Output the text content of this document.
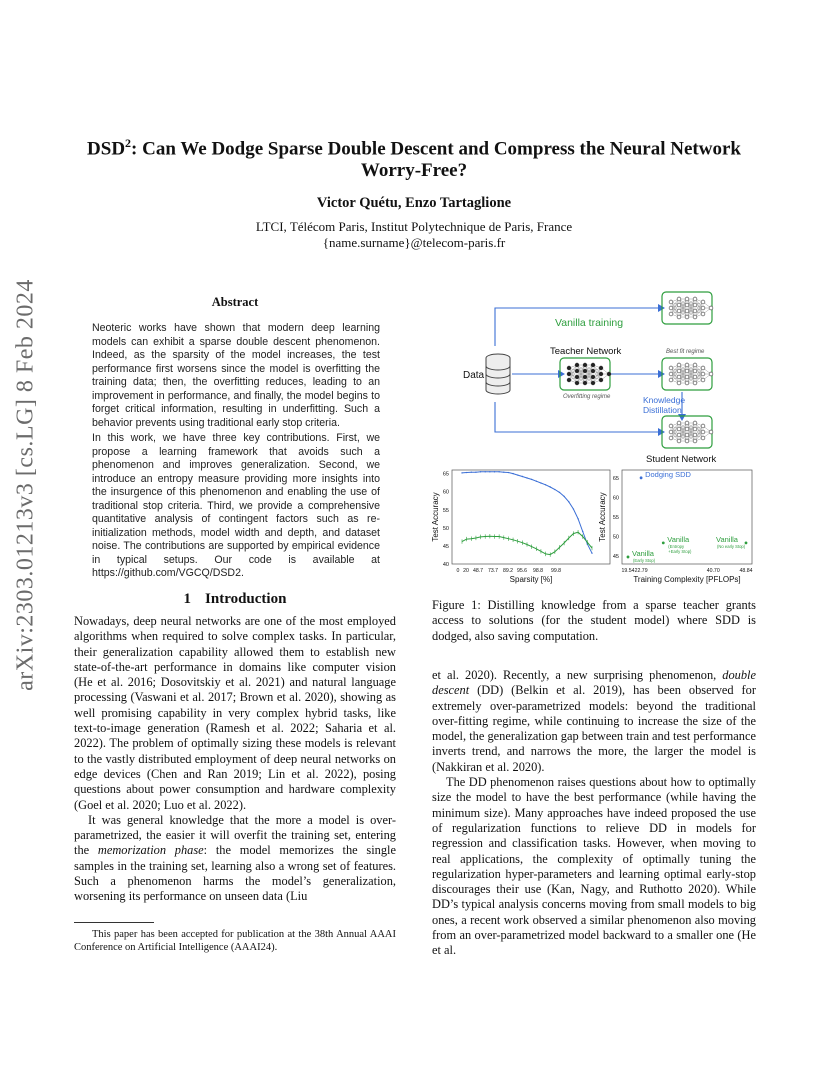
DSD$^2$: Can We Dodge Sparse Double Descent and Compress the Neural Network
Worry-Free?
Victor Quétu, Enzo Tartaglione
LTCI, Télécom Paris, Institut Polytechnique de Paris, France
{name.surname}@telecom-paris.fr
arXiv:2303.01213v3 [cs.LG] 8 Feb 2024	Abstract
Neoteric works have shown that modern deep learning models can exhibit a sparse double descent phenomenon. Indeed, as the sparsity of the model increases, the test performance first worsens since the model is overfitting the training data; then, the overfitting reduces, leading to an improvement in performance, and finally, the model begins to forget critical information, resulting in underfitting. Such a behavior prevents using traditional early stop criteria.
In this work, we have three key contributions. First, we propose a learning framework that avoids such a phenomenon and improves generalization. Second, we introduce an entropy measure providing more insights into the insurgence of this phenomenon and enabling the use of traditional stop criteria. Third, we provide a comprehensive quantitative analysis of contingent factors such as re-initialization methods, model width and depth, and dataset noise. The contributions are supported by empirical evidence in typical setups. Our code is available at https://github.com/VGCQ/DSD2.
1 Introduction

Nowadays, deep neural networks are one of the most employed algorithms when required to solve complex tasks. In particular, their generalization capability allowed them to establish new state-of-the-art performance in domains like computer vision (He et al. 2016; Dosovitskiy et al. 2021) and natural language processing (Vaswani et al. 2017; Brown et al. 2020), showing as well promising capability in very complex hybrid tasks, like text-to-image generation (Ramesh et al. 2022; Saharia et al. 2022). The problem of optimally sizing these models is relevant to the vastly distributed employment of deep neural networks on edge devices (Chen and Ran 2019; Lin et al. 2022), posing questions about power consumption and hardware complexity (Goel et al. 2020; Luo et al. 2022).

It was general knowledge that the more a model is over-parametrized, the easier it will overfit the training set, entering the memorization phase: the model memorizes the single samples in the training set, learning also a wrong set of features. Such a phenomenon harms the model’s generalization, worsening its performance on unseen data (Liu

This paper has been accepted for publication at the 38th Annual AAAI Conference on Artificial Intelligence (AAAI24).
Data
Vanilla training
Teacher Network
Overfitting regime
Best fit regime
Knowledge
Distillation
Student Network
40
45
50
55
60
65
0 20 48.7 73.7 89.2 95.6 98.8 99.8
Test Accuracy
Sparsity [%]
45
50
55
60
65
19.54 22.79	40.70	48.84
Vanilla
(Early Stop)
Vanilla
(Entropy
+Early Stop)
Vanilla
(No early Stop)
Dodging SDD
Test Accuracy
Training Complexity [PFLOPs]
Figure 1: Distilling knowledge from a sparse teacher grants access to solutions (for the student model) where SDD is dodged, also saving computation.

et al. 2020). Recently, a new surprising phenomenon, double descent (DD) (Belkin et al. 2019), has been observed for extremely over-parametrized models: beyond the traditional over-fitting regime, while continuing to increase the size of the model, the generalization gap between train and test performance inverts trend, and narrows the more, the larger the model is (Nakkiran et al. 2020).

The DD phenomenon raises questions about how to optimally size the model to have the best performance (while having the minimum size). Many approaches have indeed proposed the use of regularization functions to relieve DD in models for regression and classification tasks. However, when moving to real applications, the complexity of optimally tuning the regularization hyper-parameters and learning optimal early-stop discourages their use (Kan, Nagy, and Ruthotto 2020). While DD’s typical analysis concerns moving from small models to big ones, a recent work observed a similar phenomenon also moving from an over-parametrized model backward to a smaller one (He et al.
